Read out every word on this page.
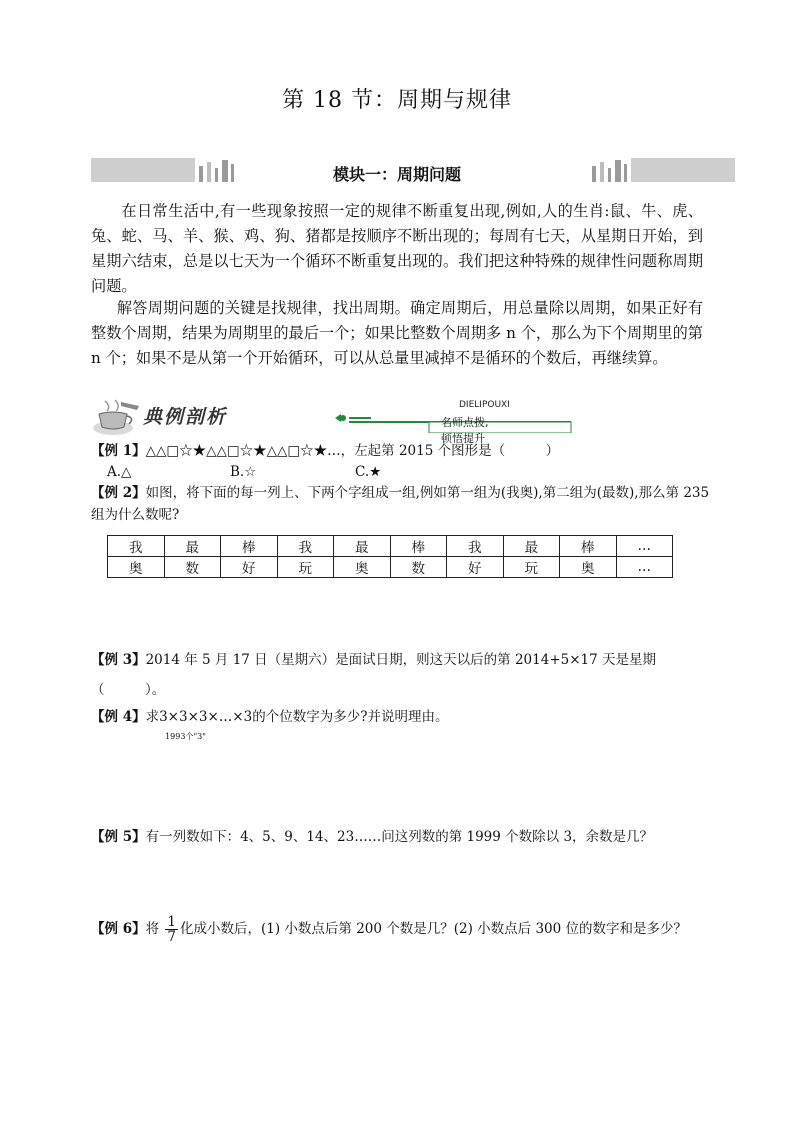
第 18 节：周期与规律
模块一：周期问题

在日常生活中,有一些现象按照一定的规律不断重复出现,例如,人的生肖:鼠、牛、虎、兔、蛇、马、羊、猴、鸡、狗、猪都是按顺序不断出现的；每周有七天，从星期日开始，到星期六结束，总是以七天为一个循环不断重复出现的。我们把这种特殊的规律性问题称周期问题。

解答周期问题的关键是找规律，找出周期。确定周期后，用总量除以周期，如果正好有整数个周期，结果为周期里的最后一个；如果比整数个周期多 n 个，那么为下个周期里的第 n 个；如果不是从第一个开始循环，可以从总量里减掉不是循环的个数后，再继续算。

典例剖析
DIELIPOUXI
名师点拨,顿悟提升
【例 1】△△□☆★△△□☆★△△□☆★…，左起第 2015 个图形是（　　　）
A.△	B.☆	C.★
【例 2】如图，将下面的每一列上、下两个字组成一组,例如第一组为(我奥),第二组为(最数),那么第 235
组为什么数呢?
我	最	棒	我	最	棒	我	最	棒	…
奥	数	好	玩	奥	数	好	玩	奥	…
【例 3】2014 年 5 月 17 日（星期六）是面试日期，则这天以后的第 2014+5×17 天是星期
（　　　）。
【例 4】求3×3×3×…×3
1993个"3"
的个位数字为多少?并说明理由。
【例 5】有一列数如下：4、5、9、14、23……问这列数的第 1999 个数除以 3，余数是几？
【例 6】将 $\frac{1}{7}$ 化成小数后，(1) 小数点后第 200 个数是几？(2) 小数点后 300 位的数字和是多少？
